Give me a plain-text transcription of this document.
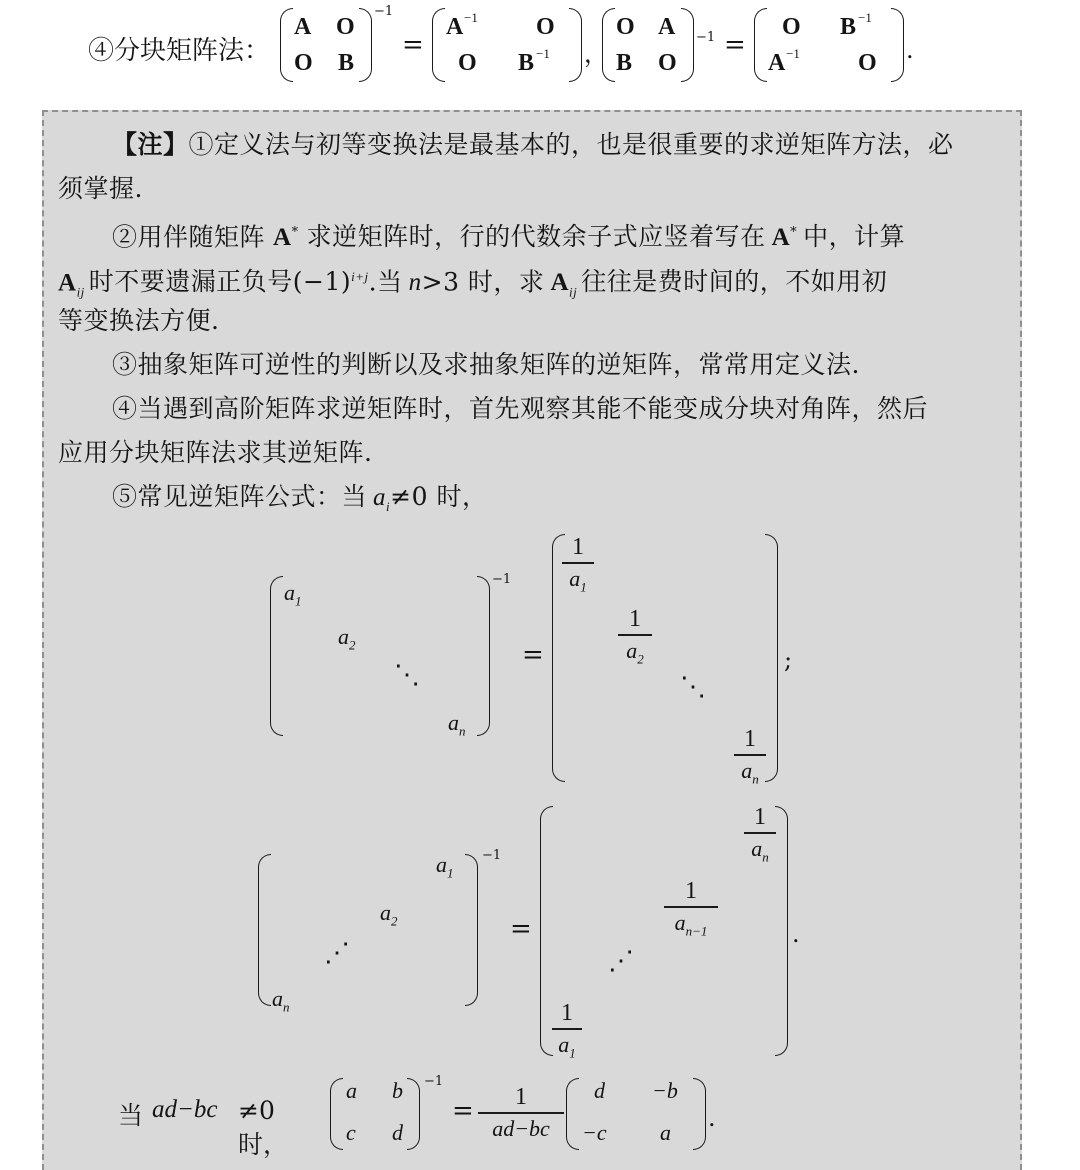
④分块矩阵法：
A O
O B
−1
=
A −1 O
O B −1 ，
O A
B O
−1 =
O B −1
A −1 O .
【注】①定义法与初等变换法是最基本的，也是很重要的求逆矩阵方法，必
须掌握.
②用伴随矩阵 A* 求逆矩阵时，行的代数余子式应竖着写在 A* 中，计算
$A_{ij}$ 时不要遗漏正负号$(-1)^{i+j}$.当 n>3 时，求 $A_{ij}$ 往往是费时间的，不如用初
等变换法方便.
③抽象矩阵可逆性的判断以及求抽象矩阵的逆矩阵，常常用定义法.
④当遇到高阶矩阵求逆矩阵时，首先观察其能不能变成分块对角阵，然后
应用分块矩阵法求其逆矩阵.
⑤常见逆矩阵公式：当 $a_i\ne 0$ 时，
$a_1$
$a_2$
⋱
$a_n$
−1
=
1
$a_1$
1
$a_2$
⋱
1
$a_n$
;
$a_1$
$a_2$
⋰
$a_n$
−1
=
1
$a_n$
1
$a_{n-1}$
⋰
1
$a_1$
.
当 ad−bc ≠0 时，
a b
c d
−1
=	1
ad−bc
d −b
−c a
.
